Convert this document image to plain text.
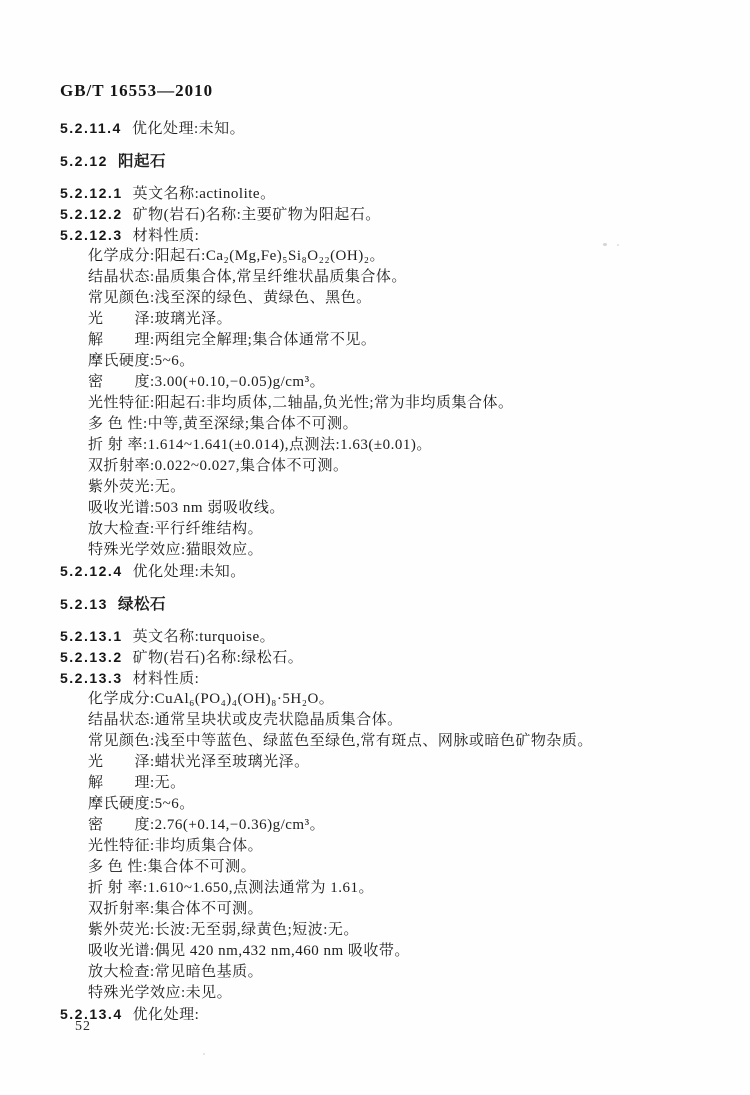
GB/T 16553—2010
5.2.11.4 优化处理:未知。
5.2.12 阳起石
5.2.12.1 英文名称:actinolite。
5.2.12.2 矿物(岩石)名称:主要矿物为阳起石。
5.2.12.3 材料性质:
化学成分:阳起石:Ca₂(Mg,Fe)₅Si₈O₂₂(OH)₂。
结晶状态:晶质集合体,常呈纤维状晶质集合体。
常见颜色:浅至深的绿色、黄绿色、黑色。
光　　泽:玻璃光泽。
解　　理:两组完全解理;集合体通常不见。
摩氏硬度:5~6。
密　　度:3.00(+0.10,−0.05)g/cm³。
光性特征:阳起石:非均质体,二轴晶,负光性;常为非均质集合体。
多 色 性:中等,黄至深绿;集合体不可测。
折 射 率:1.614~1.641(±0.014),点测法:1.63(±0.01)。
双折射率:0.022~0.027,集合体不可测。
紫外荧光:无。
吸收光谱:503 nm 弱吸收线。
放大检查:平行纤维结构。
特殊光学效应:猫眼效应。
5.2.12.4 优化处理:未知。
5.2.13 绿松石
5.2.13.1 英文名称:turquoise。
5.2.13.2 矿物(岩石)名称:绿松石。
5.2.13.3 材料性质:
化学成分:CuAl₆(PO₄)₄(OH)₈·5H₂O。
结晶状态:通常呈块状或皮壳状隐晶质集合体。
常见颜色:浅至中等蓝色、绿蓝色至绿色,常有斑点、网脉或暗色矿物杂质。
光　　泽:蜡状光泽至玻璃光泽。
解　　理:无。
摩氏硬度:5~6。
密　　度:2.76(+0.14,−0.36)g/cm³。
光性特征:非均质集合体。
多 色 性:集合体不可测。
折 射 率:1.610~1.650,点测法通常为 1.61。
双折射率:集合体不可测。
紫外荧光:长波:无至弱,绿黄色;短波:无。
吸收光谱:偶见 420 nm,432 nm,460 nm 吸收带。
放大检查:常见暗色基质。
特殊光学效应:未见。
5.2.13.4 优化处理:
52
